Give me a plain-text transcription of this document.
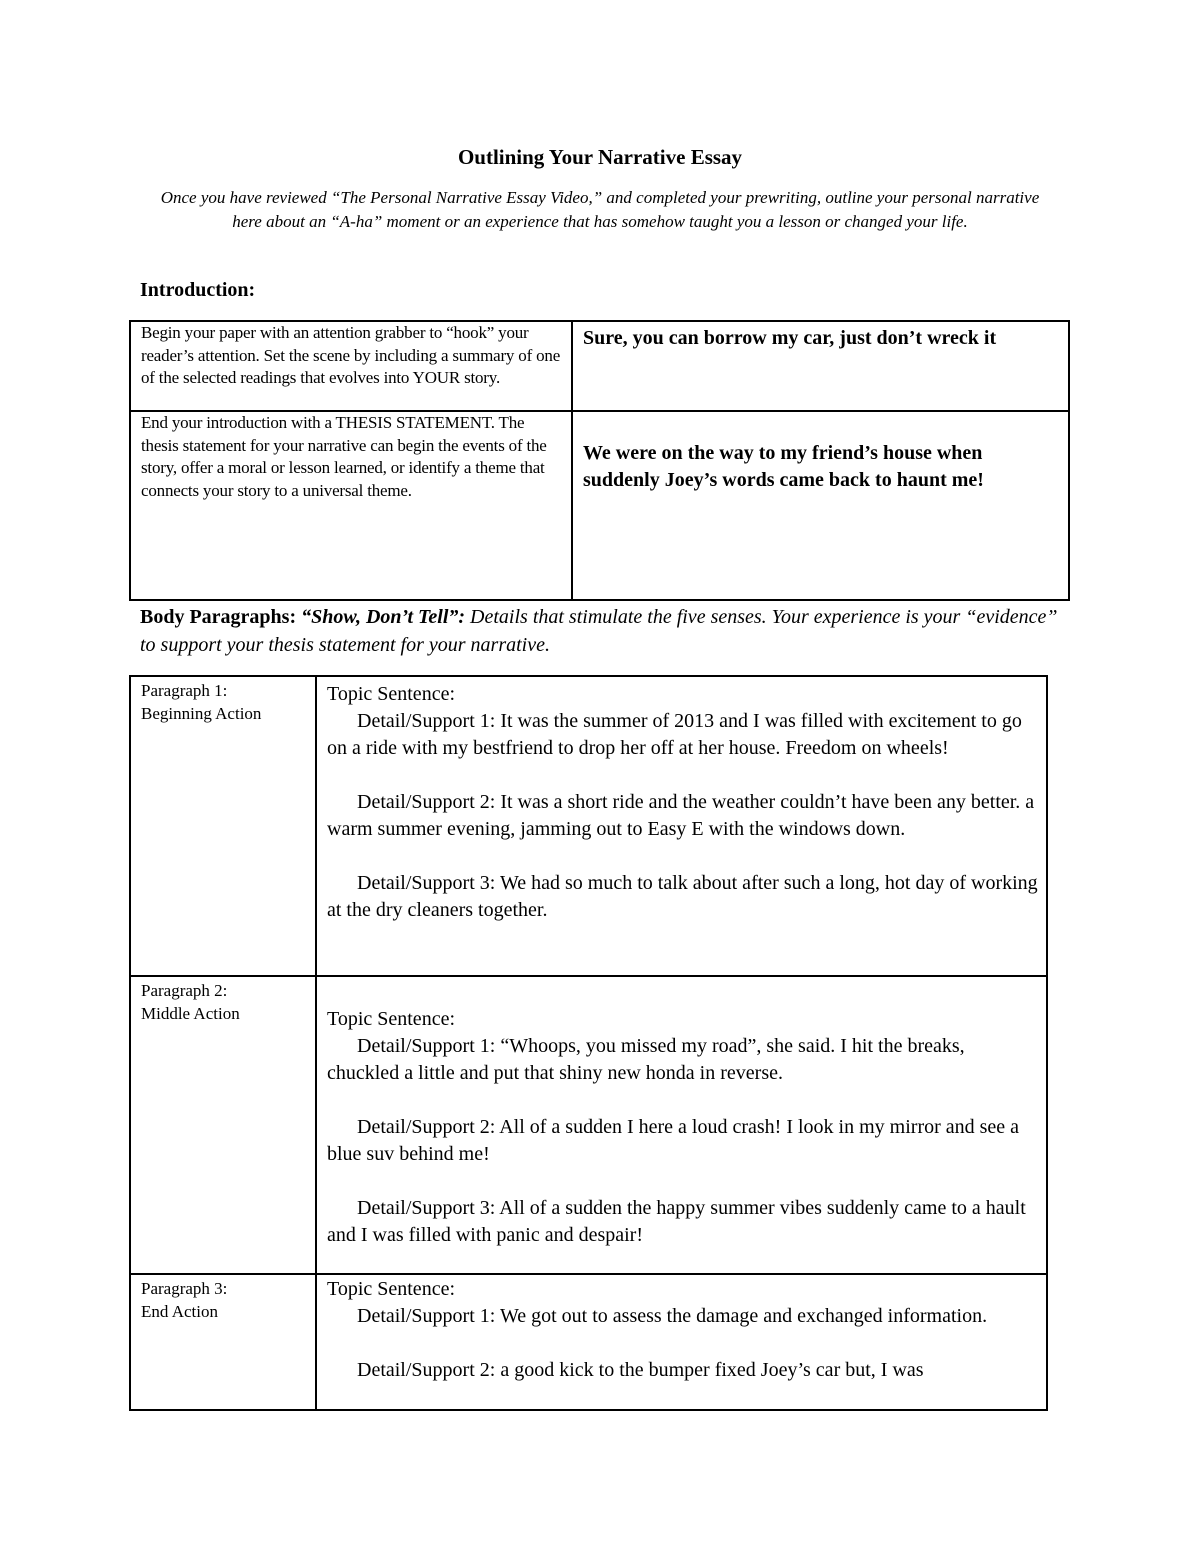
Outlining Your Narrative Essay
Once you have reviewed “The Personal Narrative Essay Video,” and completed your prewriting, outline your personal narrative here about an “A-ha” moment or an experience that has somehow taught you a lesson or changed your life.
Introduction:
Begin your paper with an attention grabber to “hook” your reader’s attention. Set the scene by including a summary of one of the selected readings that evolves into YOUR story.
Sure, you can borrow my car, just don’t wreck it
End your introduction with a THESIS STATEMENT. The thesis statement for your narrative can begin the events of the story, offer a moral or lesson learned, or identify a theme that connects your story to a universal theme.
We were on the way to my friend’s house when suddenly Joey’s words came back to haunt me!
Body Paragraphs: “Show, Don’t Tell”: Details that stimulate the five senses. Your experience is your “evidence” to support your thesis statement for your narrative.
Paragraph 1:
Beginning Action
Topic Sentence:
Detail/Support 1: It was the summer of 2013 and I was filled with excitement to go on a ride with my bestfriend to drop her off at her house. Freedom on wheels!
Detail/Support 2: It was a short ride and the weather couldn’t have been any better. a warm summer evening, jamming out to Easy E with the windows down.
Detail/Support 3: We had so much to talk about after such a long, hot day of working at the dry cleaners together.
Paragraph 2:
Middle Action	Topic Sentence:
Detail/Support 1: “Whoops, you missed my road”, she said. I hit the breaks, chuckled a little and put that shiny new honda in reverse.
Detail/Support 2: All of a sudden I here a loud crash! I look in my mirror and see a blue suv behind me!
Detail/Support 3: All of a sudden the happy summer vibes suddenly came to a hault and I was filled with panic and despair!
Paragraph 3:
End Action
Topic Sentence:
Detail/Support 1: We got out to assess the damage and exchanged information.
Detail/Support 2: a good kick to the bumper fixed Joey’s car but, I was
